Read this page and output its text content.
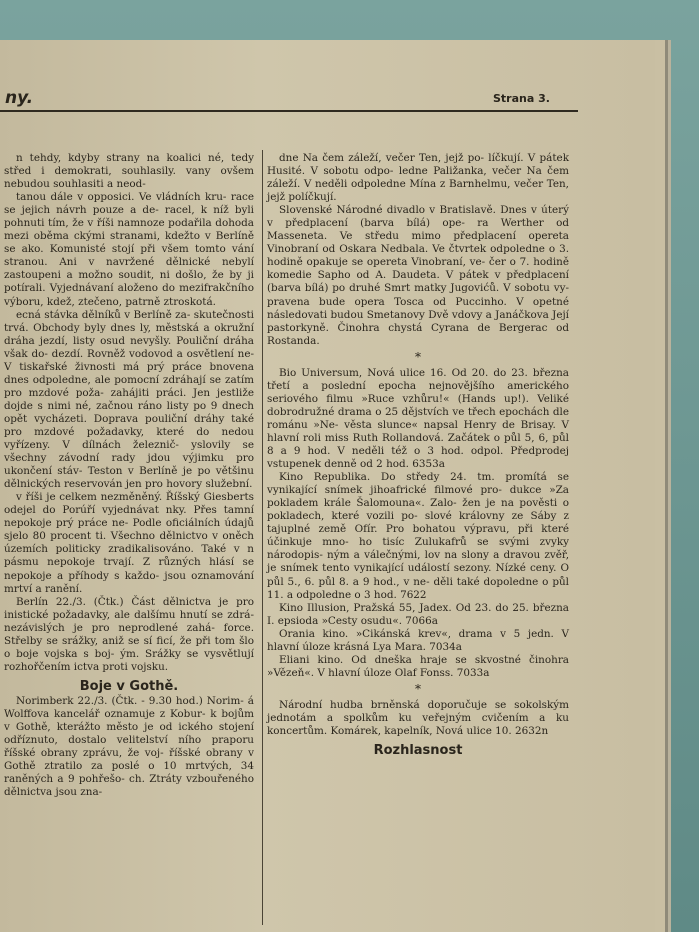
ny.	Strana 3.

n tehdy, kdyby strany na koalici né, tedy střed i demokrati, souhlasily. vany ovšem nebudou souhlasiti a neod-

tanou dále v opposici. Ve vládních kru- race se jejich návrh pouze a de- racel, k níž byli pohnuti tím, že v říši namnoze podařila dohoda mezi oběma ckými stranami, kdežto v Berlíně se ako. Komunisté stojí při všem tomto vání stranou. Ani v navržené dělnické nebylí zastoupeni a možno soudit, ni došlo, že by ji potírali. Vyjednávaní aloženo do mezifrakčního výboru, kdež, ztečeno, patrně ztroskotá.

ecná stávka dělníků v Berlíně za- skutečnosti trvá. Obchody byly dnes ly, městská a okružní dráha jezdí, listy osud nevyšly. Pouliční dráha však do- dezdí. Rovněž vodovod a osvětlení ne- V tiskařské živnosti má prý práce bnovena dnes odpoledne, ale pomocní zdráhají se zatím pro mzdové poža- zahájiti práci. Jen jestliže dojde s nimi né, začnou ráno listy po 9 dnech opět vycházeti. Doprava pouliční dráhy také pro mzdové požadavky, které do nedou vyřízeny. V dílnách železnič- yslovily se všechny závodní rady jdou výjimku pro ukončení stáv- Teston v Berlíně je po většinu dělnických reservován jen pro hovory služební.

v říši je celkem nezměněný. Říšský Giesberts odejel do Porúří vyjednávat nky. Přes tamní nepokoje prý práce ne- Podle oficiálních údajů sjelo 80 procent ti. Všechno dělnictvo v oněch územích politicky zradikalisováno. Také v n pásmu nepokoje trvají. Z různých hlásí se nepokoje a příhody s každo- jsou oznamování mrtví a ranění.

Berlín 22./3. (Čtk.) Část dělnictva je pro inistické požadavky, ale dalšímu hnutí se zdrá- nezávislých je pro neprodlené zahá- force. Střelby se srážky, aniž se sí ficí, že při tom šlo o boje vojska s boj- ým. Srážky se vysvětlují rozhořčením ictva proti vojsku.

Boje v Gothě.

Norimberk 22./3. (Čtk. - 9.30 hod.) Norim- á Wolffova kancelář oznamuje z Kobur- k bojům v Gothě, kterážto město je od ického stojení odříznuto, dostalo velitelství ního praporu říšské obrany zprávu, že voj- říšské obrany v Gothě ztratilo za poslé o 10 mrtvých, 34 raněných a 9 pohřešo- ch. Ztráty vzbouřeného dělnictva jsou zna-

dne Na čem záleží, večer Ten, jejž po- líčkují. V pátek Husité. V sobotu odpo- ledne Paližanka, večer Na čem záleží. V neděli odpoledne Mína z Barnhelmu, večer Ten, jejž políčkují.

Slovenské Národné divadlo v Bratislavě. Dnes v úterý v předplacení (barva bílá) ope- ra Werther od Masseneta. Ve středu mimo předplacení opereta Vinobraní od Oskara Nedbala. Ve čtvrtek odpoledne o 3. hodině opakuje se opereta Vinobraní, ve- čer o 7. hodině komedie Sapho od A. Daudeta. V pátek v předplacení (barva bílá) po druhé Smrt matky Jugovićů. V sobotu vy- pravena bude opera Tosca od Puccinho. V opetné následovati budou Smetanovy Dvě vdovy a Janáčkova Její pastorkyně. Činohra chystá Cyrana de Bergerac od Rostanda.

*

Bio Universum, Nová ulice 16. Od 20. do 23. března třetí a poslední epocha nejnovějšího amerického seriového filmu »Ruce vzhůru!« (Hands up!). Veliké dobrodružné drama o 25 dějstvích ve třech epochách dle románu »Ne- věsta slunce« napsal Henry de Brisay. V hlavní roli miss Ruth Rollandová. Začátek o půl 5, 6, půl 8 a 9 hod. V neděli též o 3 hod. odpol. Předprodej vstupenek denně od 2 hod. 6353a

Kino Republika. Do středy 24. tm. promítá se vynikající snímek jihoafrické filmové pro- dukce »Za pokladem krále Šalomouna«. Zalo- žen je na pověsti o pokladech, které vozili po- slové královny ze Sáby z tajuplné země Ofír. Pro bohatou výpravu, při které účinkuje mno- ho tisíc Zulukafrů se svými zvyky národopis- ným a válečnými, lov na slony a dravou zvěř, je snímek tento vynikající událostí sezony. Nízké ceny. O půl 5., 6. půl 8. a 9 hod., v ne- děli také dopoledne o půl 11. a odpoledne o 3 hod. 7622

Kino Illusion, Pražská 55, Jadex. Od 23. do 25. března I. epsioda »Cesty osudu«. 7066a

Orania kino. »Cikánská krev«, drama v 5 jedn. V hlavní úloze krásná Lya Mara. 7034a

Eliani kino. Od dneška hraje se skvostné činohra »Vězeň«. V hlavní úloze Olaf Fonss. 7033a

*

Národní hudba brněnská doporučuje se sokolským jednotám a spolkům ku veřejným cvičením a ku koncertům. Komárek, kapelník, Nová ulice 10. 2632n

Rozhlasnost
